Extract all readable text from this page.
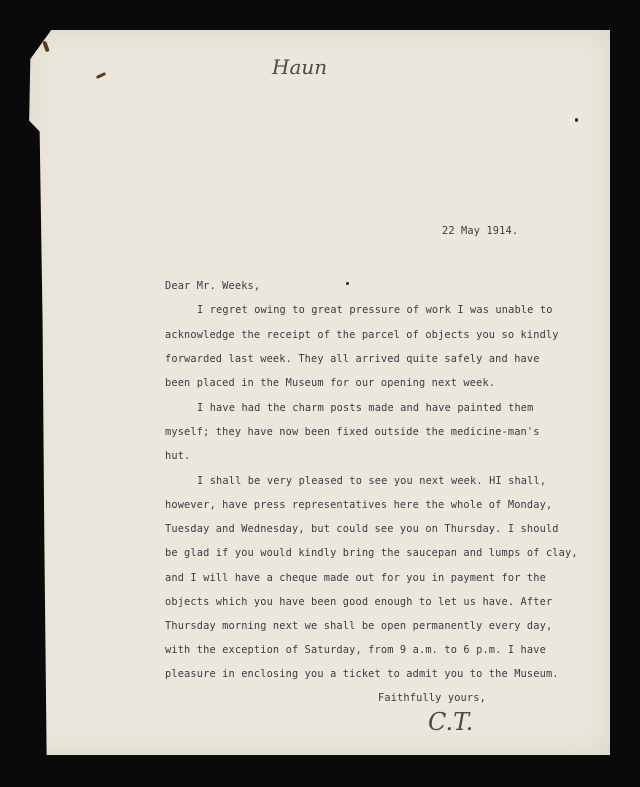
Haun

22 May 1914.

Dear Mr. Weeks,

I regret owing to great pressure of work I was unable to

acknowledge the receipt of the parcel of objects you so kindly

forwarded last week. They all arrived quite safely and have

been placed in the Museum for our opening next week.

I have had the charm posts made and have painted them

myself; they have now been fixed outside the medicine-man's

hut.

I shall be very pleased to see you next week. HI shall,

however, have press representatives here the whole of Monday,

Tuesday and Wednesday, but could see you on Thursday. I should

be glad if you would kindly bring the saucepan and lumps of clay,

and I will have a cheque made out for you in payment for the

objects which you have been good enough to let us have. After

Thursday morning next we shall be open permanently every day,

with the exception of Saturday, from 9 a.m. to 6 p.m. I have

pleasure in enclosing you a ticket to admit you to the Museum.

Faithfully yours,

C.T.
